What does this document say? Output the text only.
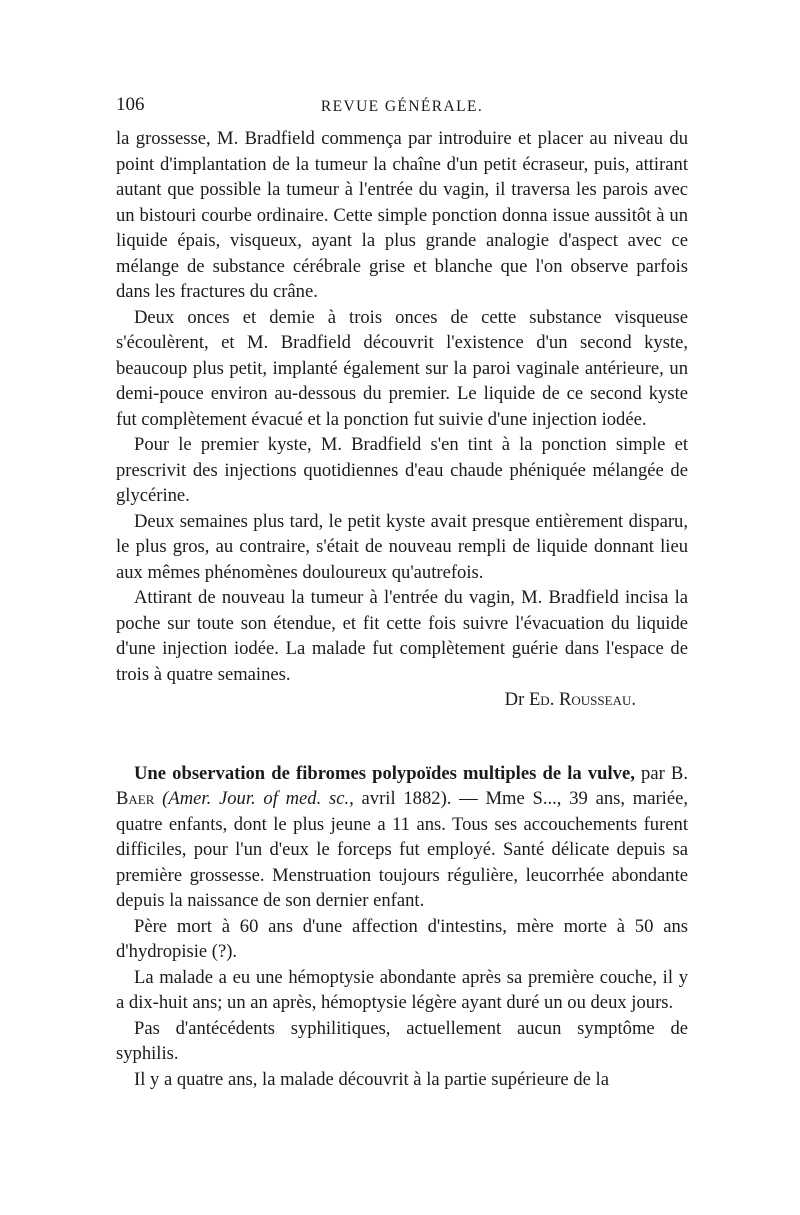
106	REVUE GÉNÉRALE.

la grossesse, M. Bradfield commença par introduire et placer au niveau du point d'implantation de la tumeur la chaîne d'un petit écraseur, puis, attirant autant que possible la tumeur à l'entrée du vagin, il traversa les parois avec un bistouri courbe ordinaire. Cette simple ponction donna issue aussitôt à un liquide épais, visqueux, ayant la plus grande analogie d'aspect avec ce mélange de substance cérébrale grise et blanche que l'on observe parfois dans les fractures du crâne.

Deux onces et demie à trois onces de cette substance visqueuse s'écoulèrent, et M. Bradfield découvrit l'existence d'un second kyste, beaucoup plus petit, implanté également sur la paroi vaginale antérieure, un demi-pouce environ au-dessous du premier. Le liquide de ce second kyste fut complètement évacué et la ponction fut suivie d'une injection iodée.

Pour le premier kyste, M. Bradfield s'en tint à la ponction simple et prescrivit des injections quotidiennes d'eau chaude phéniquée mélangée de glycérine.

Deux semaines plus tard, le petit kyste avait presque entièrement disparu, le plus gros, au contraire, s'était de nouveau rempli de liquide donnant lieu aux mêmes phénomènes douloureux qu'autrefois.

Attirant de nouveau la tumeur à l'entrée du vagin, M. Bradfield incisa la poche sur toute son étendue, et fit cette fois suivre l'évacuation du liquide d'une injection iodée. La malade fut complètement guérie dans l'espace de trois à quatre semaines.

Dr Ed. Rousseau.

Une observation de fibromes polypoïdes multiples de la vulve, par B. Baer (Amer. Jour. of med. sc., avril 1882). — Mme S..., 39 ans, mariée, quatre enfants, dont le plus jeune a 11 ans. Tous ses accouchements furent difficiles, pour l'un d'eux le forceps fut employé. Santé délicate depuis sa première grossesse. Menstruation toujours régulière, leucorrhée abondante depuis la naissance de son dernier enfant.

Père mort à 60 ans d'une affection d'intestins, mère morte à 50 ans d'hydropisie (?).

La malade a eu une hémoptysie abondante après sa première couche, il y a dix-huit ans; un an après, hémoptysie légère ayant duré un ou deux jours.

Pas d'antécédents syphilitiques, actuellement aucun symptôme de syphilis.

Il y a quatre ans, la malade découvrit à la partie supérieure de la
